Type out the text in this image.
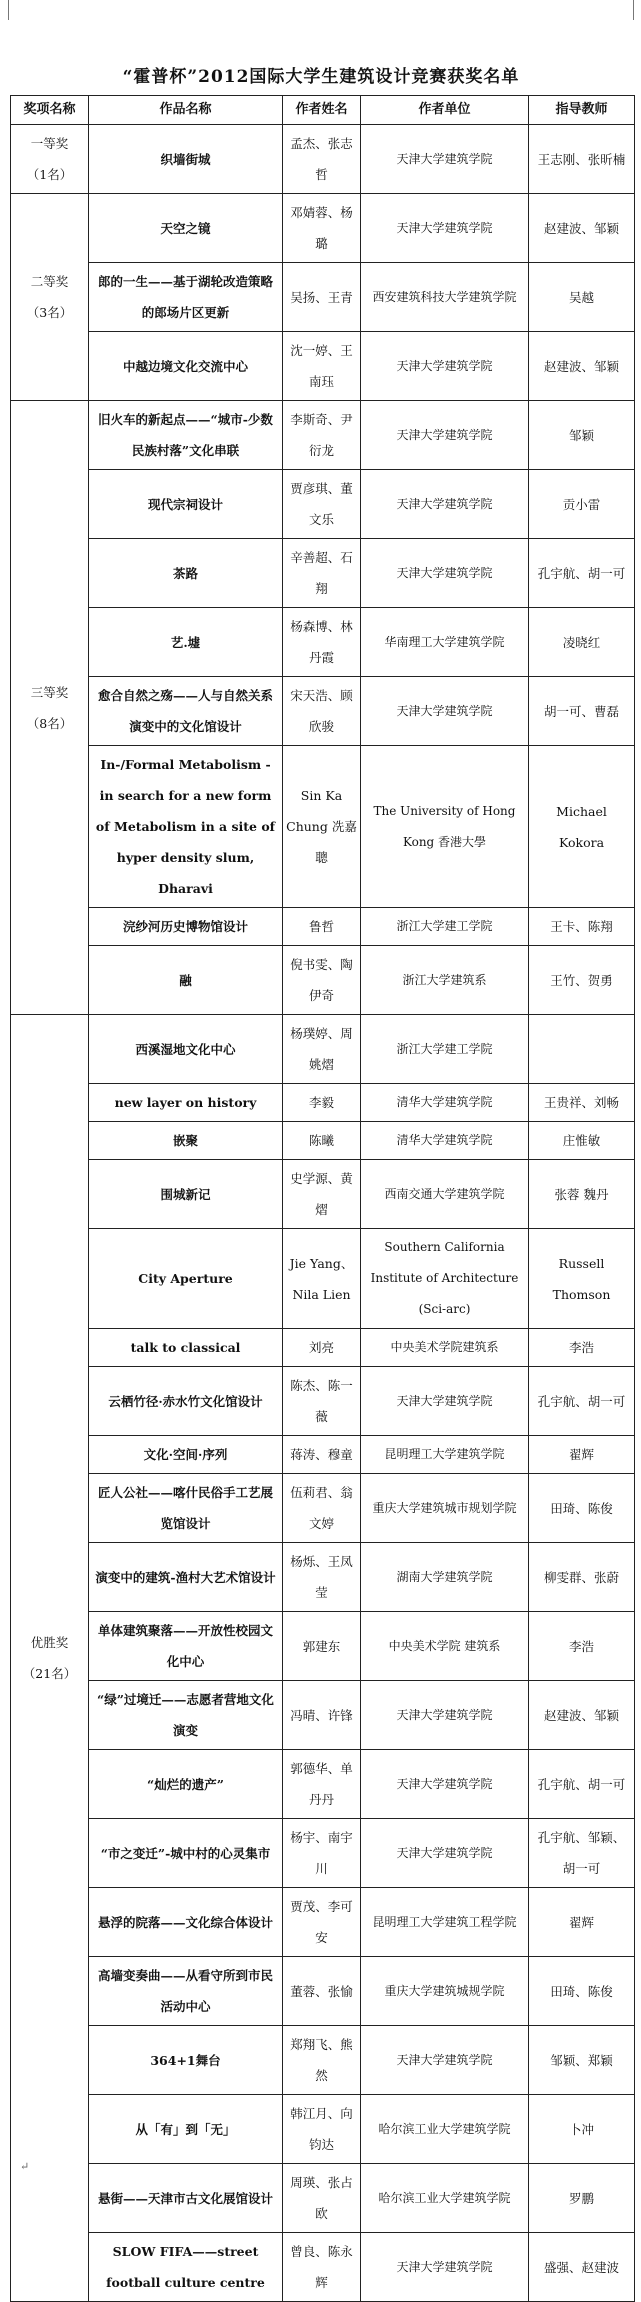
“霍普杯”2012国际大学生建筑设计竞赛获奖名单
奖项名称	作品名称	作者姓名	作者单位	指导教师

一等奖
（1名）	织墙街城	孟杰、张志哲	天津大学建筑学院	王志刚、张昕楠

二等奖
（3名）	天空之镜	邓婧蓉、杨璐	天津大学建筑学院	赵建波、邹颖
	郎的一生——基于湖轮改造策略的郎场片区更新	吴扬、王青	西安建筑科技大学建筑学院	吴越
	中越边境文化交流中心	沈一婷、王南珏	天津大学建筑学院	赵建波、邹颖

三等奖
（8名）	旧火车的新起点——“城市-少数民族村落”文化串联	李斯奇、尹衍龙	天津大学建筑学院	邹颖
	现代宗祠设计	贾彦琪、董文乐	天津大学建筑学院	贡小雷
	茶路	辛善超、石翔	天津大学建筑学院	孔宇航、胡一可
	艺.墟	杨森博、林丹霞	华南理工大学建筑学院	凌晓红
	愈合自然之殇——人与自然关系演变中的文化馆设计	宋天浩、顾欣骏	天津大学建筑学院	胡一可、曹磊
	In-/Formal Metabolism - in search for a new form of Metabolism in a site of hyper density slum, Dharavi	Sin Ka Chung 冼嘉聰	The University of Hong Kong 香港大學	Michael Kokora
	浣纱河历史博物馆设计	鲁哲	浙江大学建工学院	王卡、陈翔
	融	倪书雯、陶伊奇	浙江大学建筑系	王竹、贺勇

优胜奖
（21名）	西溪湿地文化中心	杨璞婷、周姚熠	浙江大学建工学院	
	new layer on history	李毅	清华大学建筑学院	王贵祥、刘畅
	嵌聚	陈曦	清华大学建筑学院	庄惟敏
	围城新记	史学源、黄熠	西南交通大学建筑学院	张蓉 魏丹
	City Aperture	Jie Yang、Nila Lien	Southern California Institute of Architecture (Sci-arc)	Russell Thomson
	talk to classical	刘亮	中央美术学院建筑系	李浩
	云栖竹径·赤水竹文化馆设计	陈杰、陈一薇	天津大学建筑学院	孔宇航、胡一可
	文化·空间·序列	蒋涛、穆童	昆明理工大学建筑学院	翟辉
	匠人公社——喀什民俗手工艺展览馆设计	伍莉君、翁文婷	重庆大学建筑城市规划学院	田琦、陈俊
	演变中的建筑-渔村大艺术馆设计	杨烁、王凤莹	湖南大学建筑学院	柳雯群、张蔚
	单体建筑聚落——开放性校园文化中心	郭建东	中央美术学院 建筑系	李浩
	“绿”过境迁——志愿者营地文化演变	冯晴、许锋	天津大学建筑学院	赵建波、邹颖
	“灿烂的遗产”	郭德华、单丹丹	天津大学建筑学院	孔宇航、胡一可
	“市之变迁”-城中村的心灵集市	杨宇、南宇川	天津大学建筑学院	孔宇航、邹颖、胡一可
	悬浮的院落——文化综合体设计	贾茂、李可安	昆明理工大学建筑工程学院	翟辉
	高墙变奏曲——从看守所到市民活动中心	董蓉、张愉	重庆大学建筑城规学院	田琦、陈俊
	364+1舞台	郑翔飞、熊然	天津大学建筑学院	邹颖、郑颖
	从「有」到「无」	韩江月、向钧达	哈尔滨工业大学建筑学院	卜冲
	悬街——天津市古文化展馆设计	周瑛、张占欧	哈尔滨工业大学建筑学院	罗鹏
	SLOW FIFA——street football culture centre	曾良、陈永辉	天津大学建筑学院	盛强、赵建波
↵
